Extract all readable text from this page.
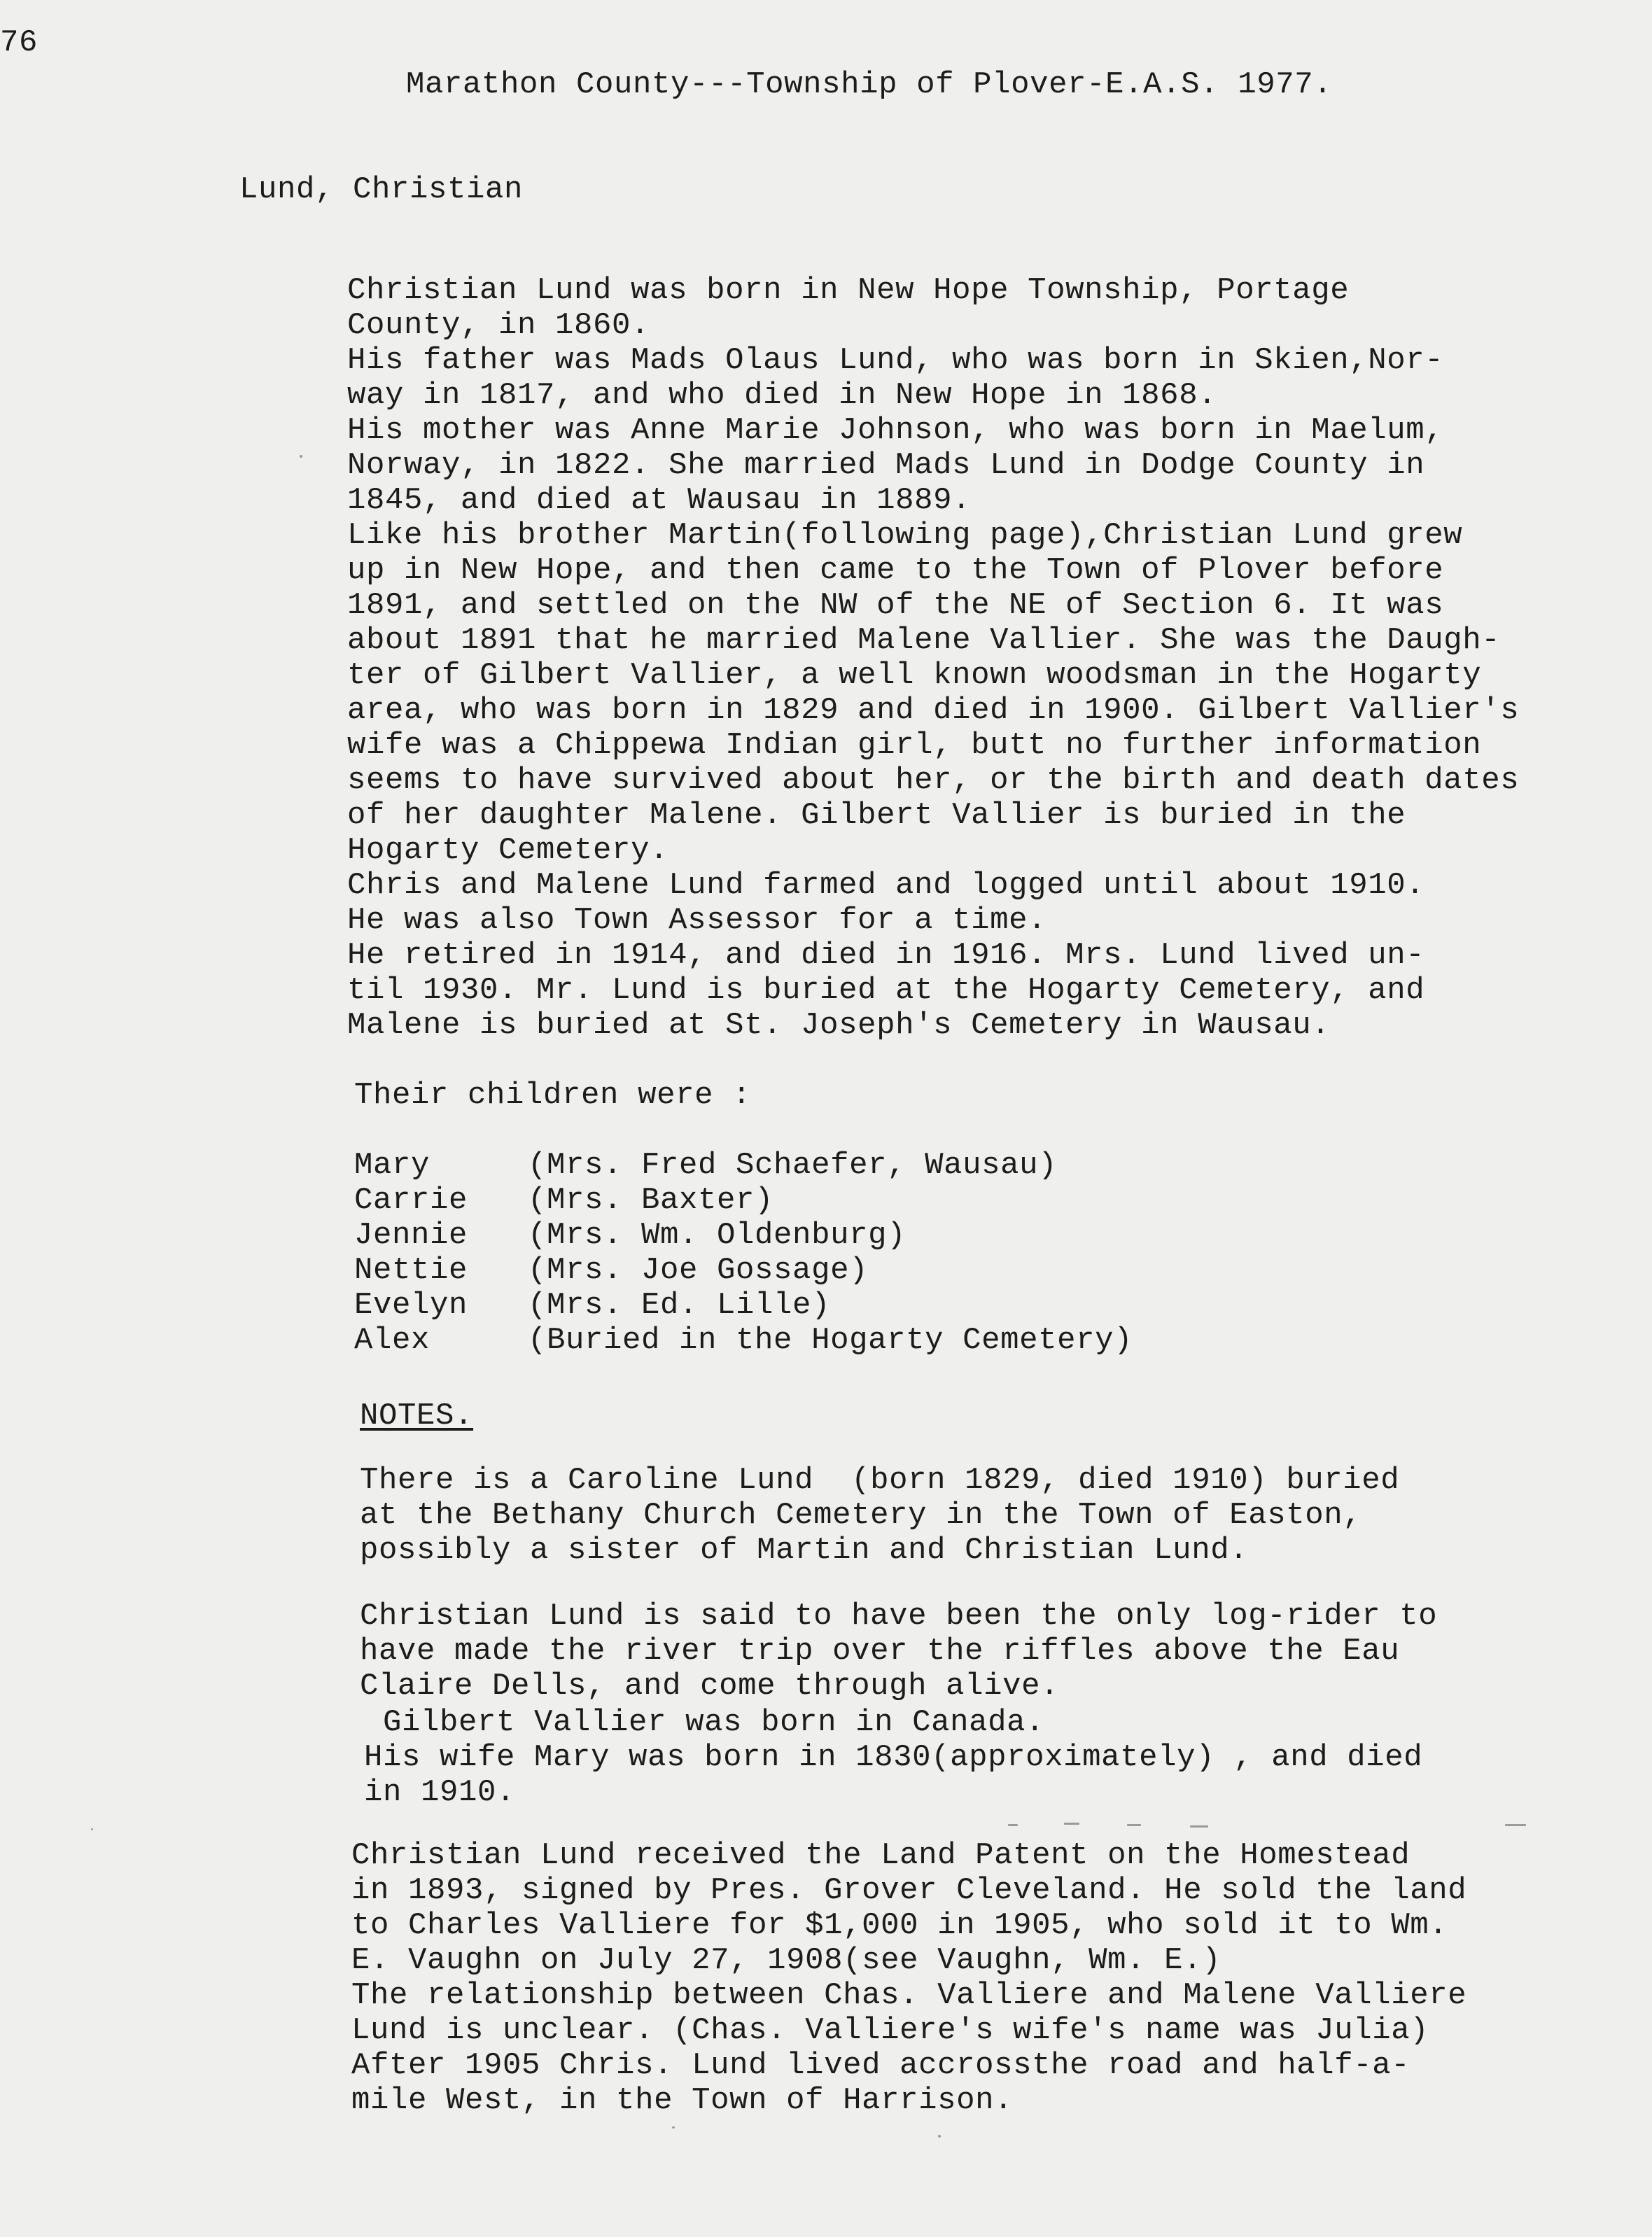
76
Marathon County---Township of Plover-E.A.S. 1977.
Lund, Christian
Christian Lund was born in New Hope Township, Portage
County, in 1860.
His father was Mads Olaus Lund, who was born in Skien,Nor-
way in 1817, and who died in New Hope in 1868.
His mother was Anne Marie Johnson, who was born in Maelum,
Norway, in 1822. She married Mads Lund in Dodge County in
1845, and died at Wausau in 1889.
Like his brother Martin(following page),Christian Lund grew
up in New Hope, and then came to the Town of Plover before
1891, and settled on the NW of the NE of Section 6. It was
about 1891 that he married Malene Vallier. She was the Daugh-
ter of Gilbert Vallier, a well known woodsman in the Hogarty
area, who was born in 1829 and died in 1900. Gilbert Vallier's
wife was a Chippewa Indian girl, butt no further information
seems to have survived about her, or the birth and death dates
of her daughter Malene. Gilbert Vallier is buried in the
Hogarty Cemetery.
Chris and Malene Lund farmed and logged until about 1910.
He was also Town Assessor for a time.
He retired in 1914, and died in 1916. Mrs. Lund lived un-
til 1930. Mr. Lund is buried at the Hogarty Cemetery, and
Malene is buried at St. Joseph's Cemetery in Wausau.
Their children were :
Mary	(Mrs. Fred Schaefer, Wausau)
Carrie (Mrs. Baxter)
Jennie (Mrs. Wm. Oldenburg)
Nettie (Mrs. Joe Gossage)
Evelyn (Mrs. Ed. Lille)
Alex	(Buried in the Hogarty Cemetery)
NOTES.
There is a Caroline Lund  (born 1829, died 1910) buried
at the Bethany Church Cemetery in the Town of Easton,
possibly a sister of Martin and Christian Lund.
Christian Lund is said to have been the only log-rider to
have made the river trip over the riffles above the Eau
Claire Dells, and come through alive.
Gilbert Vallier was born in Canada.
His wife Mary was born in 1830(approximately) , and died
in 1910.
Christian Lund received the Land Patent on the Homestead
in 1893, signed by Pres. Grover Cleveland. He sold the land
to Charles Valliere for $1,000 in 1905, who sold it to Wm.
E. Vaughn on July 27, 1908(see Vaughn, Wm. E.)
The relationship between Chas. Valliere and Malene Valliere
Lund is unclear. (Chas. Valliere's wife's name was Julia)
After 1905 Chris. Lund lived accrossthe road and half-a-
mile West, in the Town of Harrison.
